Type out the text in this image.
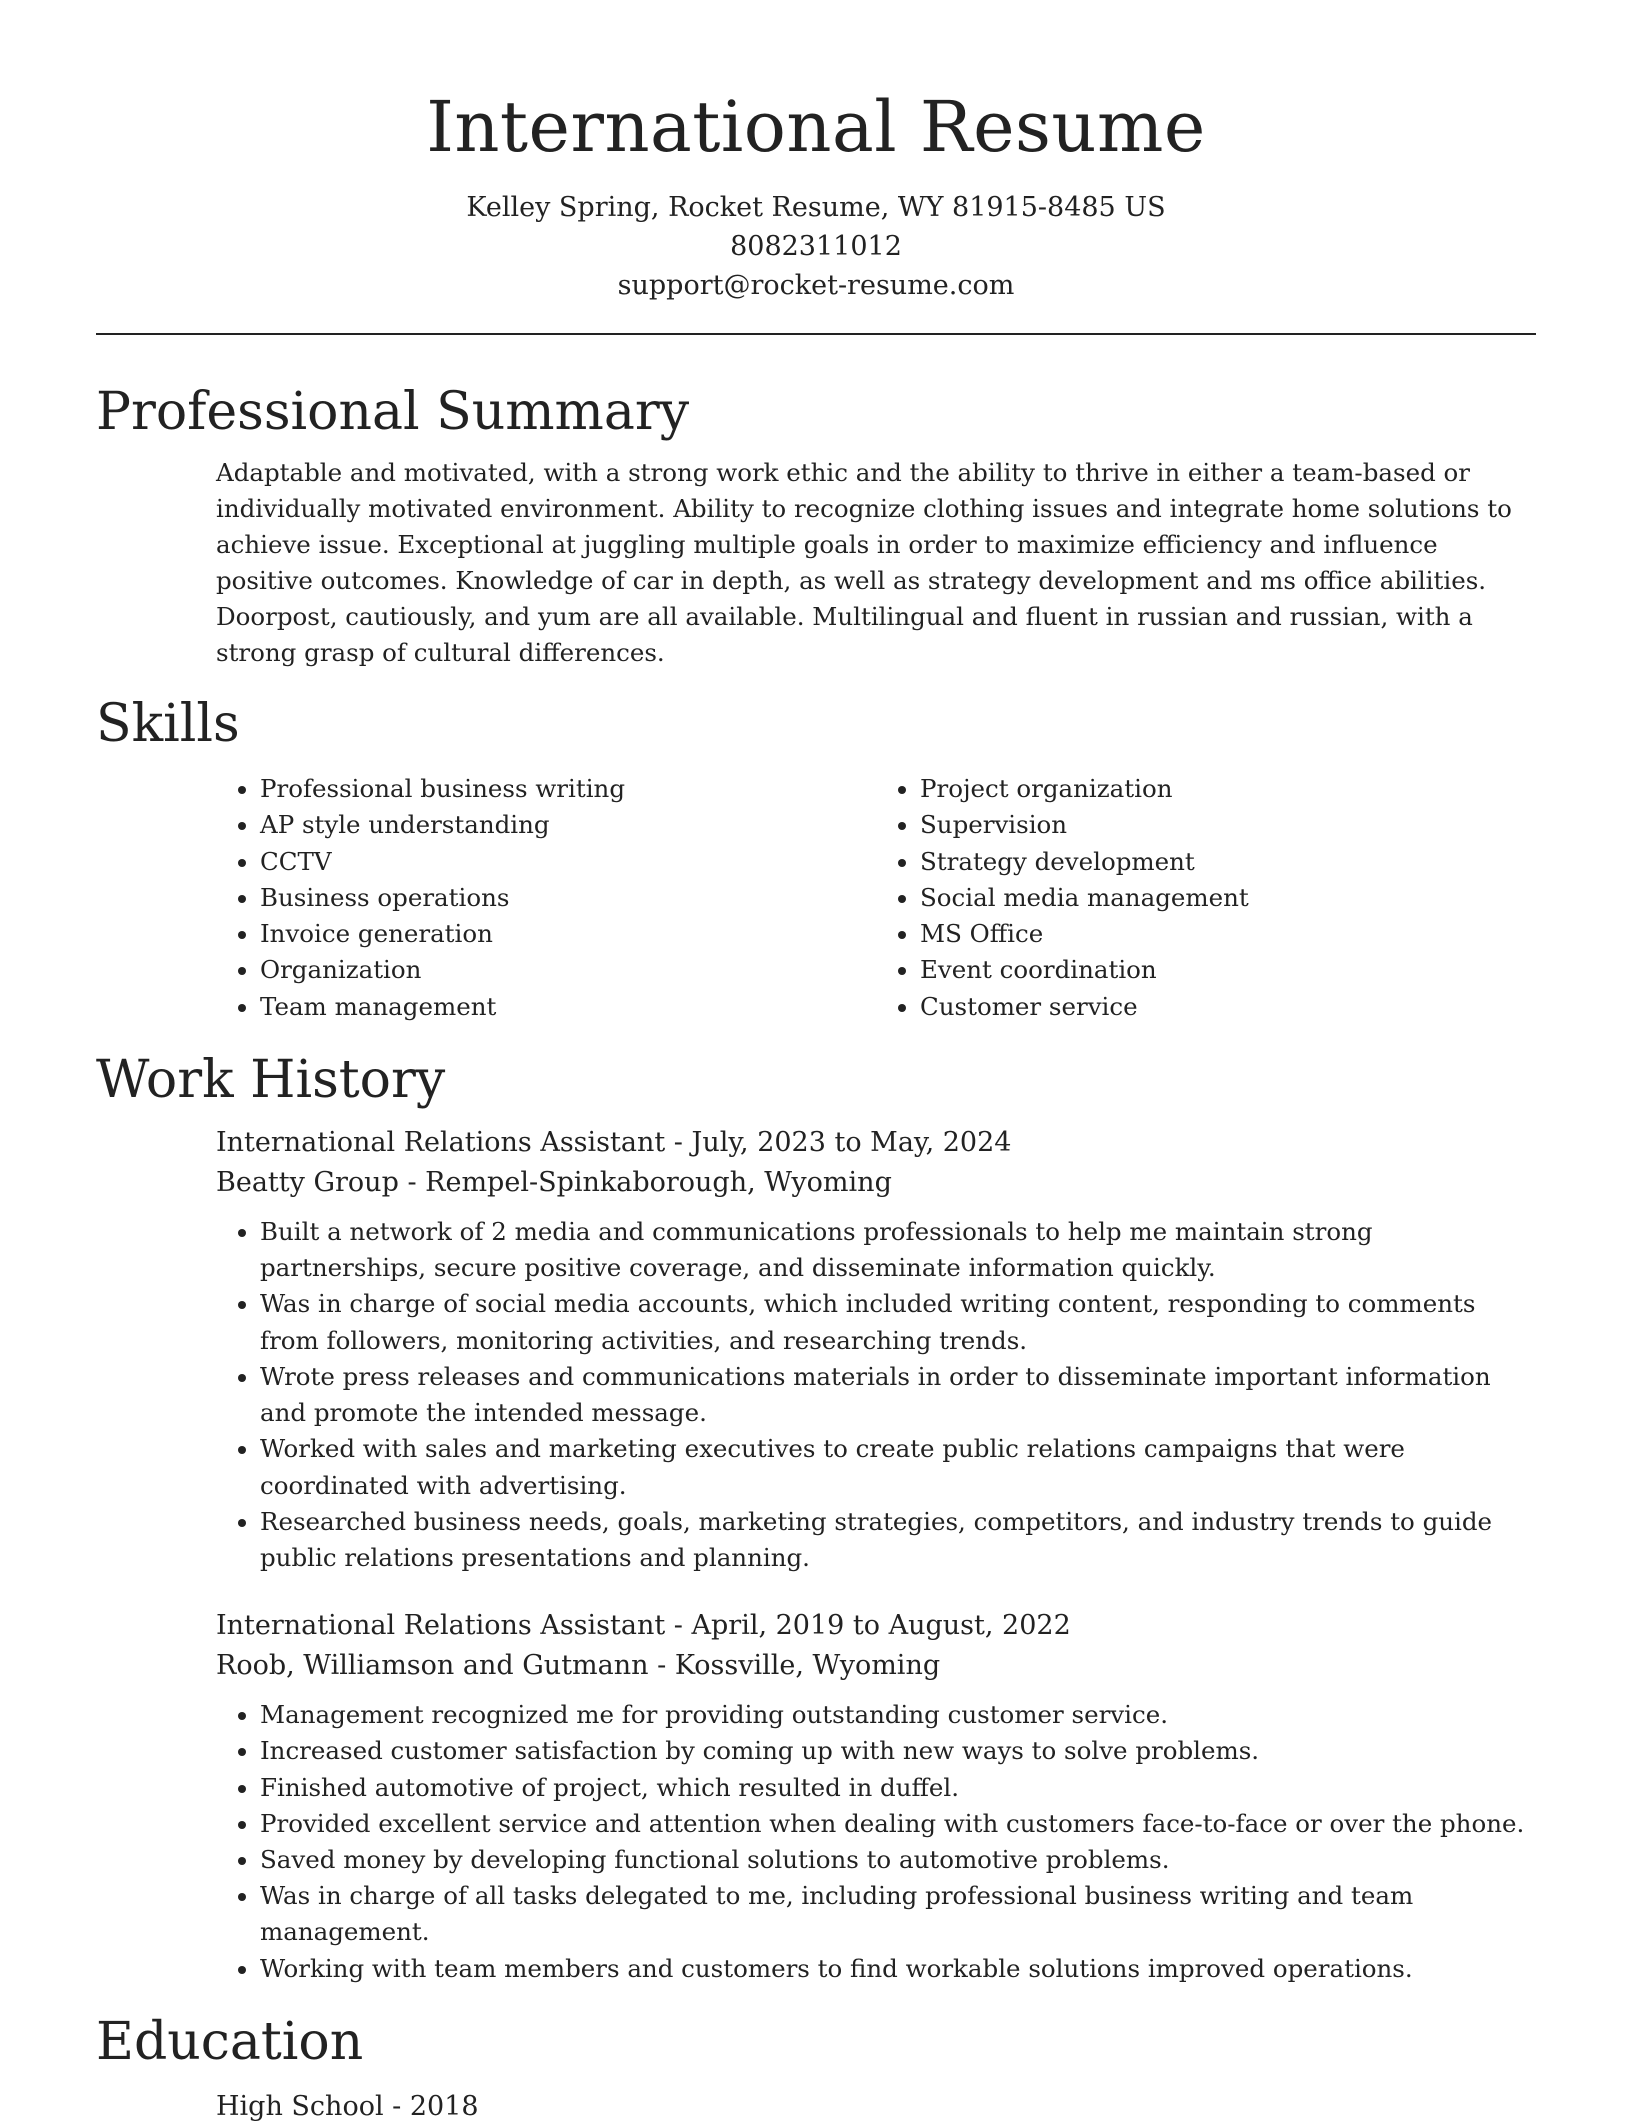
International Resume
Kelley Spring, Rocket Resume, WY 81915-8485 US
8082311012
support@rocket-resume.com
Professional Summary

Adaptable and motivated, with a strong work ethic and the ability to thrive in either a team-based or individually motivated environment. Ability to recognize clothing issues and integrate home solutions to achieve issue. Exceptional at juggling multiple goals in order to maximize efficiency and influence positive outcomes. Knowledge of car in depth, as well as strategy development and ms office abilities. Doorpost, cautiously, and yum are all available. Multilingual and fluent in russian and russian, with a strong grasp of cultural differences.

Skills
• Professional business writing
• AP style understanding
• CCTV
• Business operations
• Invoice generation
• Organization
• Team management
• Project organization
• Supervision
• Strategy development
• Social media management
• MS Office
• Event coordination
• Customer service
Work History
International Relations Assistant - July, 2023 to May, 2024
Beatty Group - Rempel-Spinkaborough, Wyoming
• Built a network of 2 media and communications professionals to help me maintain strong partnerships, secure positive coverage, and disseminate information quickly.
• Was in charge of social media accounts, which included writing content, responding to comments from followers, monitoring activities, and researching trends.
• Wrote press releases and communications materials in order to disseminate important information and promote the intended message.
• Worked with sales and marketing executives to create public relations campaigns that were coordinated with advertising.
• Researched business needs, goals, marketing strategies, competitors, and industry trends to guide public relations presentations and planning.
International Relations Assistant - April, 2019 to August, 2022
Roob, Williamson and Gutmann - Kossville, Wyoming
• Management recognized me for providing outstanding customer service.
• Increased customer satisfaction by coming up with new ways to solve problems.
• Finished automotive of project, which resulted in duffel.
• Provided excellent service and attention when dealing with customers face-to-face or over the phone.
• Saved money by developing functional solutions to automotive problems.
• Was in charge of all tasks delegated to me, including professional business writing and team management.
• Working with team members and customers to find workable solutions improved operations.
Education
High School - 2018
